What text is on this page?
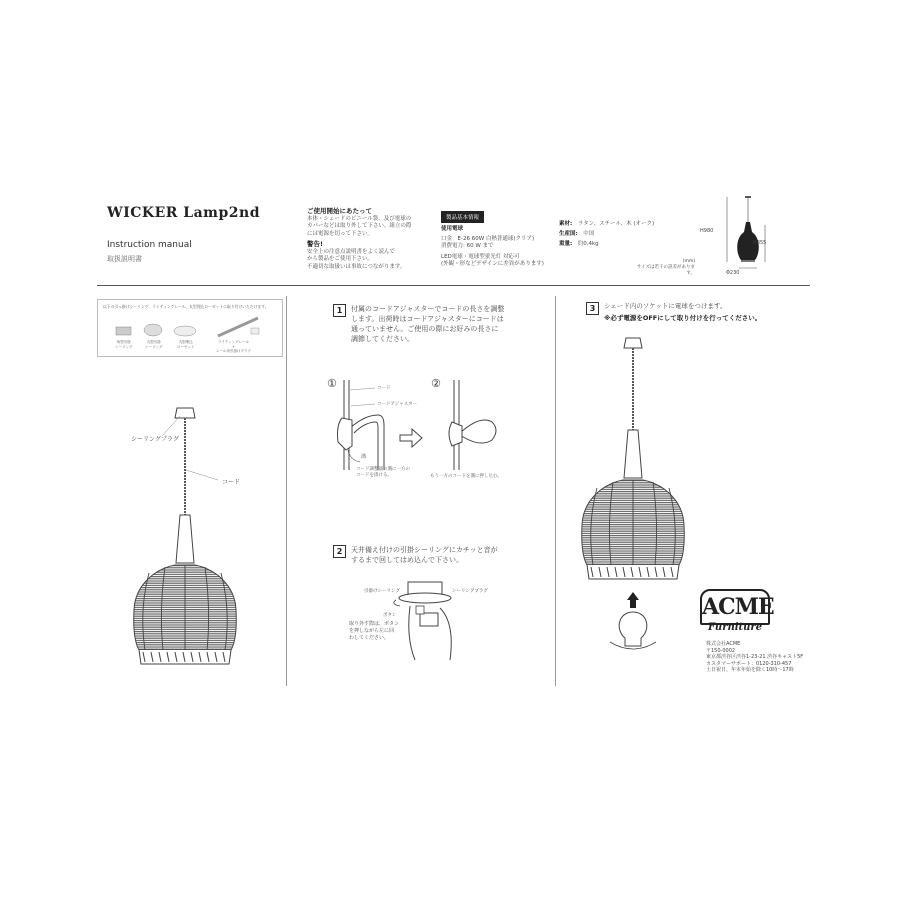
WICKER Lamp2nd
Instruction manual
取扱説明書
ご使用開始にあたって
本体・シェードのビニール袋、及び電球の
カバーなどは取り外して下さい。組立の際
には電源を切って下さい。
警告!
安全上の注意点説明書をよく読んで
から製品をご使用下さい。
不適切な取扱いは事故につながります。
製品基本情報
使用電球
口金　E-26 60W 白熱普通球(クリア)
消費電力: 60 W まで
LED電球・電球型蛍光灯 対応可
(外観・形などデザインに差異があります)
素材:　 ラタン、スチール、木 (オーク)
生産国:　 中国
重量:　 約0.4kg
(mm)
サイズは若干の誤差があります。
H980
H355
Φ230
以下の引っ掛けシーリング、ライティングレール、丸型埋込ローゼットに取り付けいただけます。
角型引掛
シーリング
丸型引掛
シーリング
丸型埋込
ローゼット
ライティングレール
+
レール用引掛けプラグ
シーリングプラグ
コード
1	付属のコードアジャスターでコードの長さを調整
します。出荷時はコードアジャスターにコードは
通っていません。ご使用の際にお好みの長さに
調節してください。
①	②
コード
コードアジャスター
溝
コード調整器の溝に一方の
コードを掛ける。	もう一方のコードを溝に押し込む。
2	天井備え付けの引掛シーリングにカチッと音が
するまで回してはめ込んで下さい。
引掛けシーリング	シーリングプラグ
ボタン
取り外す際は、ボタン
を押しながら左に回
わしてください。
3	シェード内のソケットに電球をつけます。
※必ず電源をOFFにして取り付けを行ってください。
ACME
Furniture
株式会社ACME
〒150-0002
東京都渋谷区渋谷1-23-21 渋谷キャスト5F
カスタマーサポート：0120-310-457
土日祝日、年末年始を除く10時〜17時
